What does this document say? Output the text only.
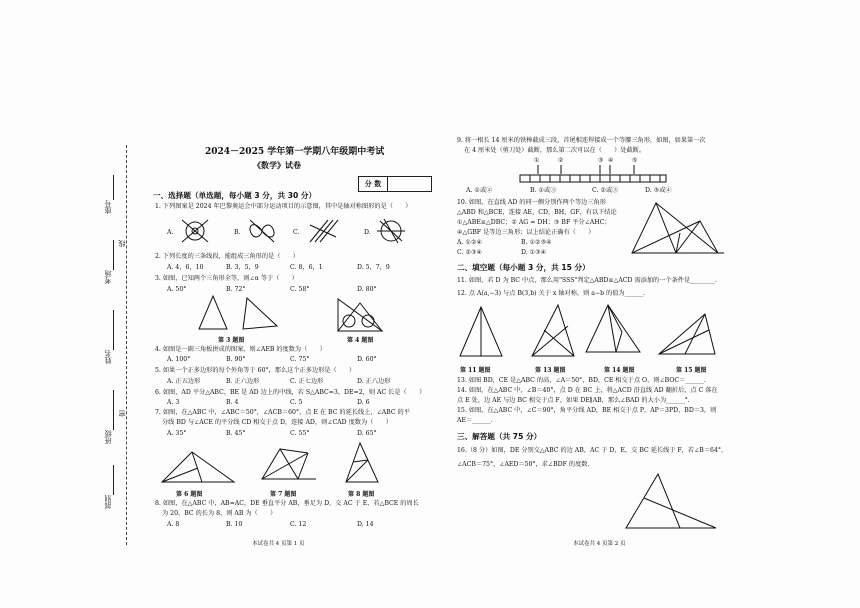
座号
考场
姓名
班级
部别
线
密
2024－2025 学年第一学期八年级期中考试
《数学》试卷
分 数
一、选择题（单选题，每小题 3 分，共 30 分）
1. 下列图案是 2024 年巴黎奥运会中部分运动项目的示意图，其中是轴对称图形的是（　　）
A.	B.	C.	D.
2. 下列长度的三条线段，能组成三角形的是（　　）
A. 4，6，10	B. 3，5，9	C. 8，6，1	D. 5，7，9
3. 如图，已知两个三角形全等，则∠α 等于（　　）
A. 50°	B. 72°	C. 58°	D. 80°
第 3 题图	第 4 题图
4. 如图是一副三角板拼成的图案，则∠AEB 的度数为（　　）
A. 100°	B. 90°	C. 75°	D. 60°
5. 如果一个正多边形的每个外角等于 60°，那么这个正多边形是（　　）
A. 正五边形	B. 正六边形	C. 正七边形	D. 正八边形
6. 如图，AD 平分△ABC，BE 是 AD 边上的中线，若 S△ABC=3，DE=2，则 AC 长是（　　）
A. 3	B. 4	C. 5	D. 6
7. 如图，在△ABC 中，∠ABC＝50°，∠ACB＝60°，点 E 在 BC 的延长线上，∠ABC 的平
分线 BD 与∠ACE 的平分线 CD 相交于点 D，连接 AD，则∠CAD 度数为（　　）
A. 35°	B. 45°	C. 55°	D. 65°
第 6 题图	第 7 题图	第 8 题图
8. 如图，在△ABC 中，AB=AC，DE 垂直平分 AB，垂足为 D，交 AC 于 E，若△BCE 的周长
为 20，BC 的长为 8，则 AB 为（　　）
A. 8	B. 10	C. 12	D. 14
本试卷共 4 页第 1 页
9. 将一根长 14 厘米的铁棒截成三段，首尾相连焊接成一个等腰三角形，如图，如果第一次
在 4 厘米处（剪刀处）截断，那么第二次可以在（　　）处截断。
①	②	③ ④	⑤
A. ①或②	B. ①或③	C. ②或③	D. ③或④
10. 如图，在直线 AD 的同一侧分别作两个等边三角形
△ABD 和△BCE，连接 AE，CD，BH，GF，有以下结论
①△ABE≌△DBC；② AG = DH；③ BF 平分∠AHC；
④△GBF 是等边三角形；以上结论正确有（　　）
A. ①②④	B. ①②③④
C. ②③④	D. ①③④
二、填空题（每小题 3 分，共 15 分）
11. 如图，若 D 为 BC 中点，那么用"SSS"判定△ABD≌△ACD 需添加的一个条件是________.
12. 点 A(a,−3) 与点 B(3,b) 关于 x 轴对称，则 a−b 的值为______.
第 11 题图	第 13 题图	第 14 题图	第 15 题图
13. 如图 BD，CE 是△ABC 的高，∠A＝50°，BD，CE 相交于点 O，则∠BOC＝______.
14. 如图，在△ABC 中，∠B＝40°，点 D 在 BC 上，将△ACD 沿直线 AD 翻折后，点 C 落在
点 E 处，边 AE 与边 BC 相交于点 F，如果 DE∥AB，那么∠BAD 的大小为______°.
15. 如图，在△ABC 中，∠C＝90°，角平分线 AD，BE 相交于点 P，AP＝3PD，BD＝3，则
AE＝______.
三、解答题（共 75 分）
16.（8 分）如图，DE 分别交△ABC 的边 AB，AC 于 D，E，交 BC 延长线于 F，若∠B＝64°，
∠ACB＝75°，∠AED＝50°，求∠BDF 的度数.
本试卷共 4 页第 2 页
